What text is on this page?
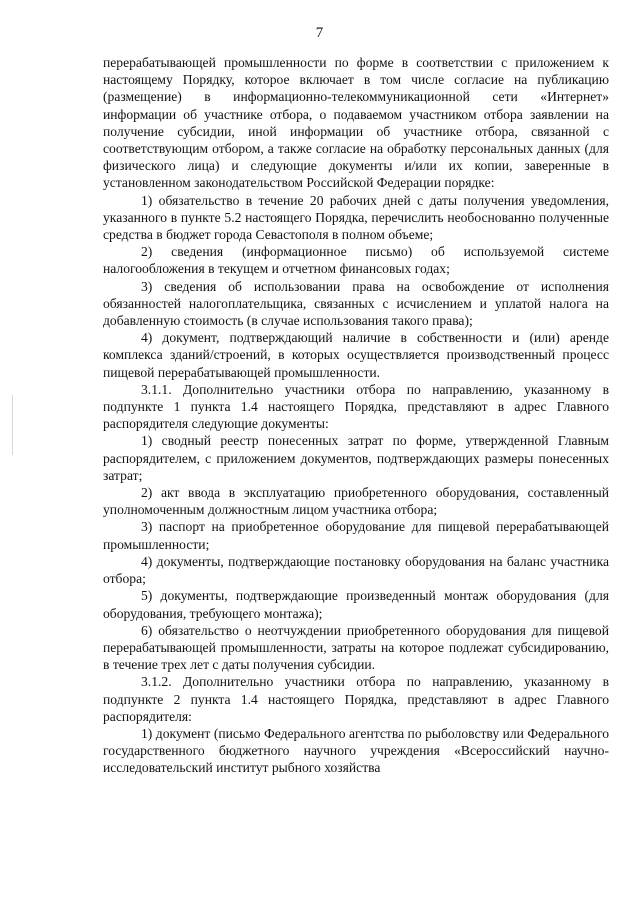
7

перерабатывающей промышленности по форме в соответствии с приложением к настоящему Порядку, которое включает в том числе согласие на публикацию (размещение) в информационно-телекоммуникационной сети «Интернет» информации об участнике отбора, о подаваемом участником отбора заявлении на получение субсидии, иной информации об участнике отбора, связанной с соответствующим отбором, а также согласие на обработку персональных данных (для физического лица) и следующие документы и/или их копии, заверенные в установленном законодательством Российской Федерации порядке:

1) обязательство в течение 20 рабочих дней с даты получения уведомления, указанного в пункте 5.2 настоящего Порядка, перечислить необоснованно полученные средства в бюджет города Севастополя в полном объеме;

2) сведения (информационное письмо) об используемой системе налогообложения в текущем и отчетном финансовых годах;

3) сведения об использовании права на освобождение от исполнения обязанностей налогоплательщика, связанных с исчислением и уплатой налога на добавленную стоимость (в случае использования такого права);

4) документ, подтверждающий наличие в собственности и (или) аренде комплекса зданий/строений, в которых осуществляется производственный процесс пищевой перерабатывающей промышленности.

3.1.1. Дополнительно участники отбора по направлению, указанному в подпункте 1 пункта 1.4 настоящего Порядка, представляют в адрес Главного распорядителя следующие документы:

1) сводный реестр понесенных затрат по форме, утвержденной Главным распорядителем, с приложением документов, подтверждающих размеры понесенных затрат;

2) акт ввода в эксплуатацию приобретенного оборудования, составленный уполномоченным должностным лицом участника отбора;

3) паспорт на приобретенное оборудование для пищевой перерабатывающей промышленности;

4) документы, подтверждающие постановку оборудования на баланс участника отбора;

5) документы, подтверждающие произведенный монтаж оборудования (для оборудования, требующего монтажа);

6) обязательство о неотчуждении приобретенного оборудования для пищевой перерабатывающей промышленности, затраты на которое подлежат субсидированию, в течение трех лет с даты получения субсидии.

3.1.2. Дополнительно участники отбора по направлению, указанному в подпункте 2 пункта 1.4 настоящего Порядка, представляют в адрес Главного распорядителя:

1) документ (письмо Федерального агентства по рыболовству или Федерального государственного бюджетного научного учреждения «Всероссийский научно-исследовательский институт рыбного хозяйства
